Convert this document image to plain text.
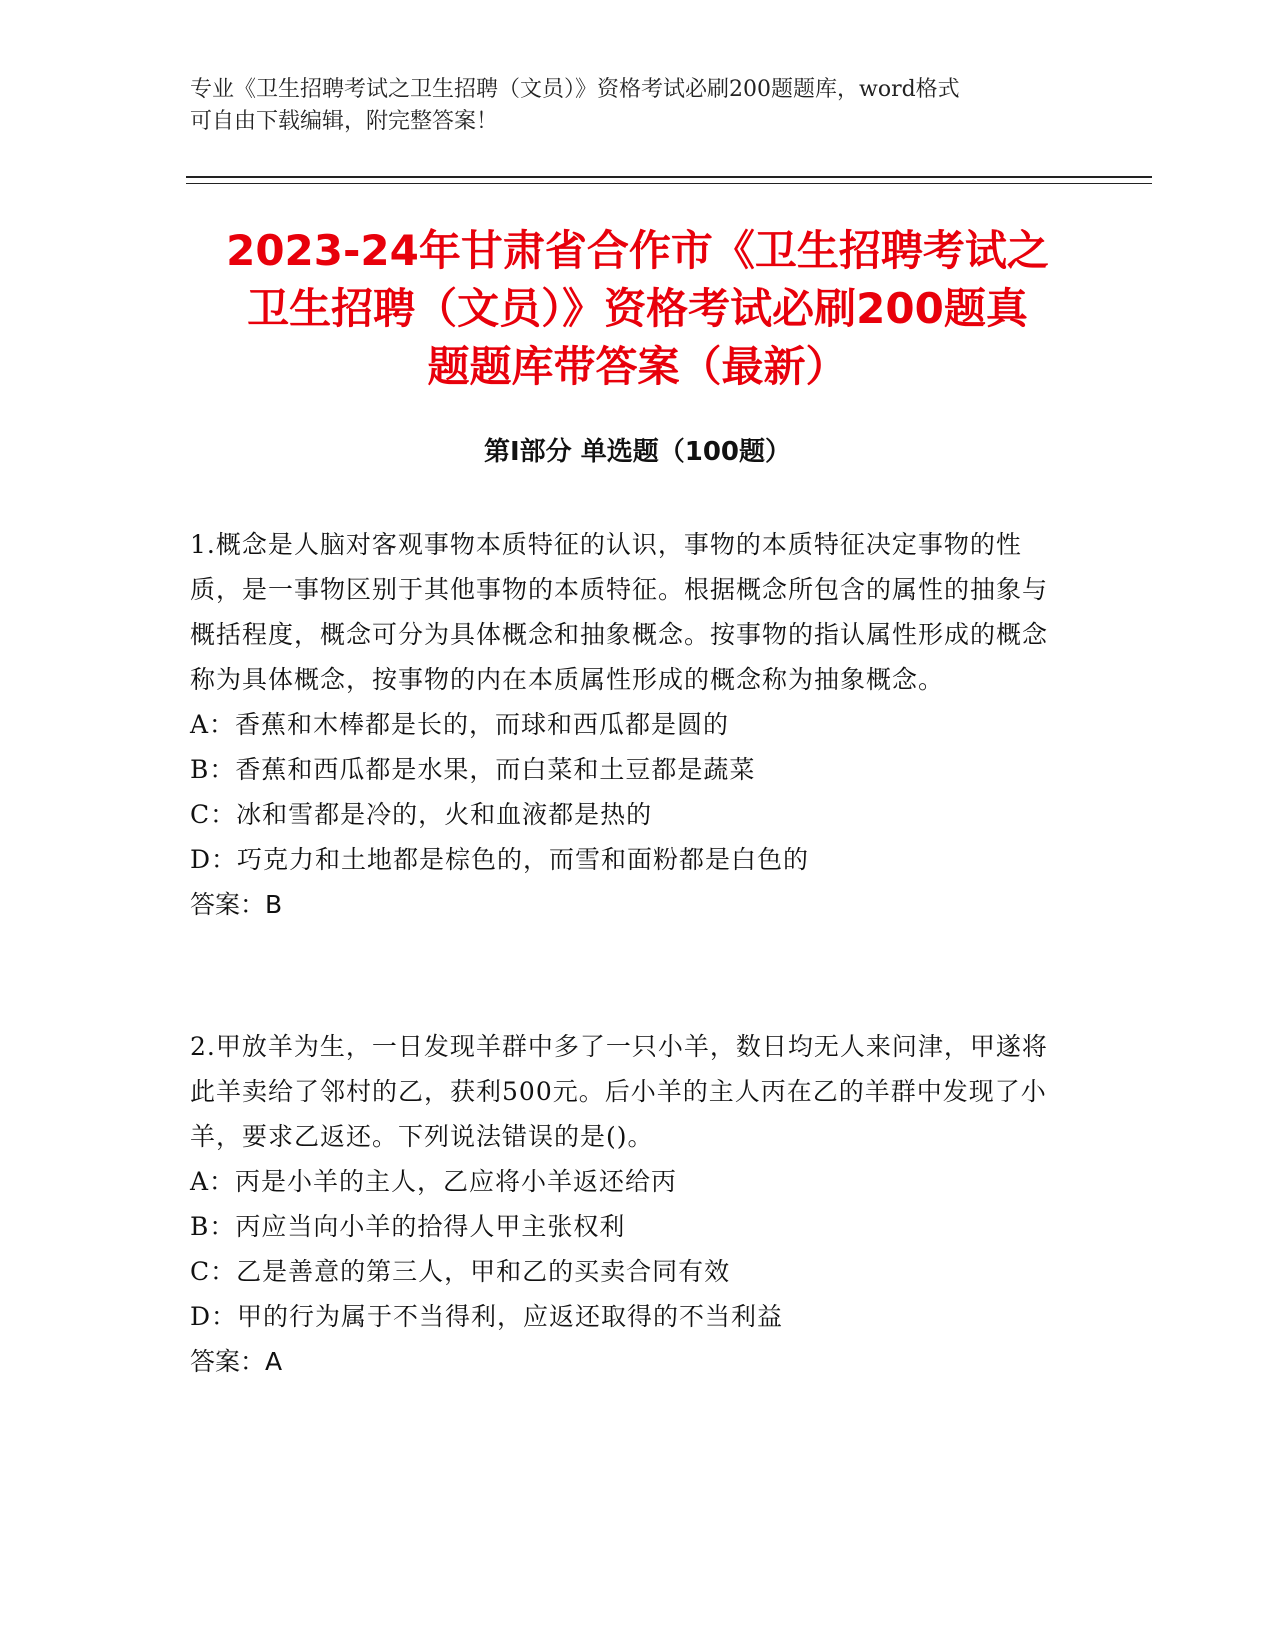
专业《卫生招聘考试之卫生招聘（文员）》资格考试必刷200题题库，word格式

可自由下载编辑，附完整答案！

2023-24年甘肃省合作市《卫生招聘考试之
卫生招聘（文员）》资格考试必刷200题真
题题库带答案（最新）
第Ⅰ部分 单选题（100题）

1.概念是人脑对客观事物本质特征的认识，事物的本质特征决定事物的性质，是一事物区别于其他事物的本质特征。根据概念所包含的属性的抽象与概括程度，概念可分为具体概念和抽象概念。按事物的指认属性形成的概念称为具体概念，按事物的内在本质属性形成的概念称为抽象概念。

A：香蕉和木棒都是长的，而球和西瓜都是圆的
B：香蕉和西瓜都是水果，而白菜和土豆都是蔬菜
C：冰和雪都是冷的，火和血液都是热的
D：巧克力和土地都是棕色的，而雪和面粉都是白色的

答案：B

2.甲放羊为生，一日发现羊群中多了一只小羊，数日均无人来问津，甲遂将此羊卖给了邻村的乙，获利500元。后小羊的主人丙在乙的羊群中发现了小羊，要求乙返还。下列说法错误的是()。

A：丙是小羊的主人，乙应将小羊返还给丙
B：丙应当向小羊的拾得人甲主张权利
C：乙是善意的第三人，甲和乙的买卖合同有效
D：甲的行为属于不当得利，应返还取得的不当利益

答案：A
